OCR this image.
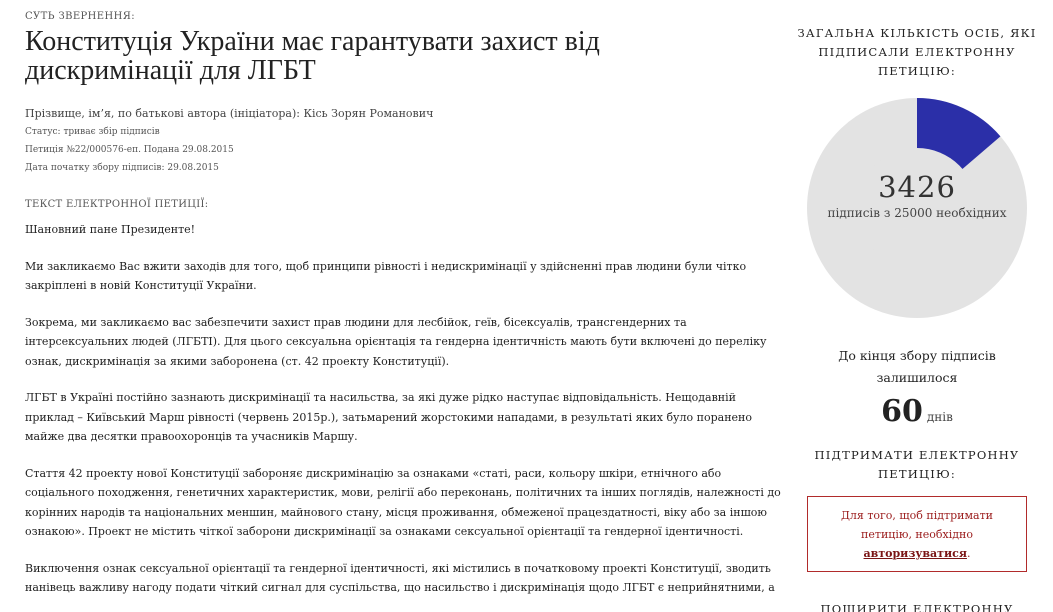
СУТЬ ЗВЕРНЕННЯ:
Конституція України має гарантувати захист від дискримінації для ЛГБТ
Прізвище, ім’я, по батькові автора (ініціатора): Кісь Зорян Романович
Статус: триває збір підписів
Петиція №22/000576-еп. Подана 29.08.2015
Дата початку збору підписів: 29.08.2015
ТЕКСТ ЕЛЕКТРОННОЇ ПЕТИЦІЇ:

Шановний пане Президенте!

Ми закликаємо Вас вжити заходів для того, щоб принципи рівності і недискримінації у здійсненні прав людини були чітко закріплені в новій Конституції України.

Зокрема, ми закликаємо вас забезпечити захист прав людини для лесбійок, геїв, бісексуалів, трансгендерних та інтерсексуальних людей (ЛГБТІ). Для цього сексуальна орієнтація та гендерна ідентичність мають бути включені до переліку ознак, дискримінація за якими заборонена (ст. 42 проекту Конституції).

ЛГБТ в Україні постійно зазнають дискримінації та насильства, за які дуже рідко наступає відповідальність. Нещодавній приклад – Київський Марш рівності (червень 2015р.), затьмарений жорстокими нападами, в результаті яких було поранено майже два десятки правоохоронців та учасників Маршу.

Стаття 42 проекту нової Конституції забороняє дискримінацію за ознаками «статі, раси, кольору шкіри, етнічного або соціального походження, генетичних характеристик, мови, релігії або переконань, політичних та інших поглядів, належності до корінних народів та національних меншин, майнового стану, місця проживання, обмеженої працездатності, віку або за іншою ознакою». Проект не містить чіткої заборони дискримінації за ознаками сексуальної орієнтації та гендерної ідентичності.

Виключення ознак сексуальної орієнтації та гендерної ідентичності, які містились в початковому проекті Конституції, зводить нанівець важливу нагоду подати чіткий сигнал для суспільства, що насильство і дискримінація щодо ЛГБТ є неприйнятними, а

ЗАГАЛЬНА КІЛЬКІСТЬ ОСІБ, ЯКІ ПІДПИСАЛИ ЕЛЕКТРОННУ ПЕТИЦІЮ:
3426
підписів з 25000 необхідних
До кінця збору підписів залишилося
60 днів
ПІДТРИМАТИ ЕЛЕКТРОННУ ПЕТИЦІЮ:
Для того, щоб підтримати петицію, необхідно авторизуватися.
ПОШИРИТИ ЕЛЕКТРОННУ
